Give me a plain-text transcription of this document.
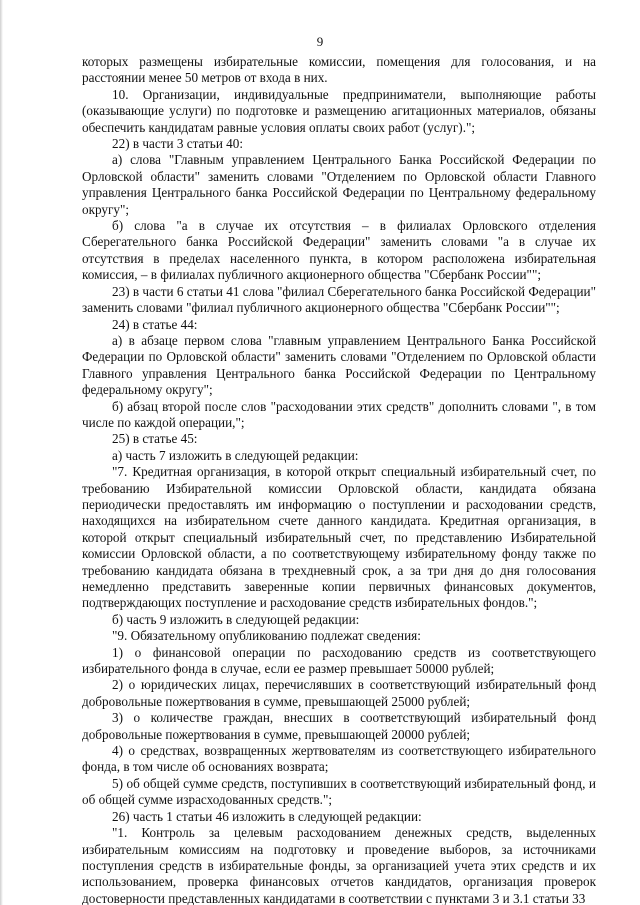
9

которых размещены избирательные комиссии, помещения для голосования, и на расстоянии менее 50 метров от входа в них.

10. Организации, индивидуальные предприниматели, выполняющие работы (оказывающие услуги) по подготовке и размещению агитационных материалов, обязаны обеспечить кандидатам равные условия оплаты своих работ (услуг).";

22) в части 3 статьи 40:

а) слова "Главным управлением Центрального Банка Российской Федерации по Орловской области" заменить словами "Отделением по Орловской области Главного управления Центрального банка Российской Федерации по Центральному федеральному округу";

б) слова "а в случае их отсутствия – в филиалах Орловского отделения Сберегательного банка Российской Федерации" заменить словами "а в случае их отсутствия в пределах населенного пункта, в котором расположена избирательная комиссия, – в филиалах публичного акционерного общества "Сбербанк России"";

23) в части 6 статьи 41 слова "филиал Сберегательного банка Российской Федерации" заменить словами "филиал публичного акционерного общества "Сбербанк России"";

24) в статье 44:

а) в абзаце первом слова "главным управлением Центрального Банка Российской Федерации по Орловской области" заменить словами "Отделением по Орловской области Главного управления Центрального банка Российской Федерации по Центральному федеральному округу";

б) абзац второй после слов "расходовании этих средств" дополнить словами ", в том числе по каждой операции,";

25) в статье 45:

а) часть 7 изложить в следующей редакции:

"7. Кредитная организация, в которой открыт специальный избирательный счет, по требованию Избирательной комиссии Орловской области, кандидата обязана периодически предоставлять им информацию о поступлении и расходовании средств, находящихся на избирательном счете данного кандидата. Кредитная организация, в которой открыт специальный избирательный счет, по представлению Избирательной комиссии Орловской области, а по соответствующему избирательному фонду также по требованию кандидата обязана в трехдневный срок, а за три дня до дня голосования немедленно представить заверенные копии первичных финансовых документов, подтверждающих поступление и расходование средств избирательных фондов.";

б) часть 9 изложить в следующей редакции:

"9. Обязательному опубликованию подлежат сведения:

1) о финансовой операции по расходованию средств из соответствующего избирательного фонда в случае, если ее размер превышает 50000 рублей;

2) о юридических лицах, перечислявших в соответствующий избирательный фонд добровольные пожертвования в сумме, превышающей 25000 рублей;

3) о количестве граждан, внесших в соответствующий избирательный фонд добровольные пожертвования в сумме, превышающей 20000 рублей;

4) о средствах, возвращенных жертвователям из соответствующего избирательного фонда, в том числе об основаниях возврата;

5) об общей сумме средств, поступивших в соответствующий избирательный фонд, и об общей сумме израсходованных средств.";

26) часть 1 статьи 46 изложить в следующей редакции:

"1. Контроль за целевым расходованием денежных средств, выделенных избирательным комиссиям на подготовку и проведение выборов, за источниками поступления средств в избирательные фонды, за организацией учета этих средств и их использованием, проверка финансовых отчетов кандидатов, организация проверок достоверности представленных кандидатами в соответствии с пунктами 3 и 3.1 статьи 33
